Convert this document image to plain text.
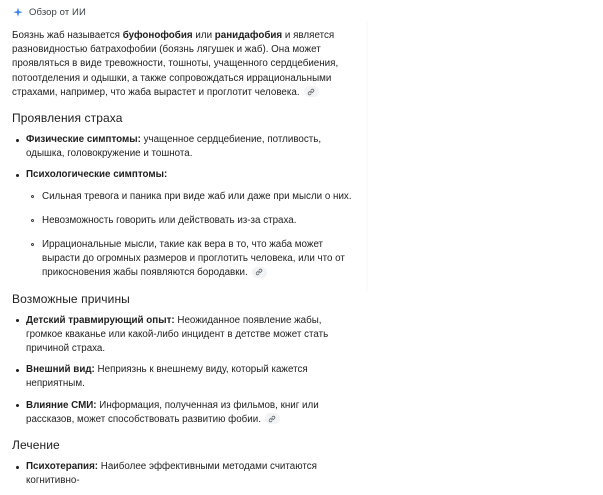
Обзор от ИИ

Боязнь жаб называется буфонофобия или ранидафобия и является разновидностью батрахофобии (боязнь лягушек и жаб). Она может проявляться в виде тревожности, тошноты, учащенного сердцебиения, потоотделения и одышки, а также сопровождаться иррациональными страхами, например, что жаба вырастет и проглотит человека.

Проявления страха
Физические симптомы: учащенное сердцебиение, потливость, одышка, головокружение и тошнота.
Психологические симптомы:
Сильная тревога и паника при виде жаб или даже при мысли о них.
Невозможность говорить или действовать из-за страха.
Иррациональные мысли, такие как вера в то, что жаба может вырасти до огромных размеров и проглотить человека, или что от прикосновения жабы появляются бородавки.
Возможные причины
Детский травмирующий опыт: Неожиданное появление жабы, громкое кваканье или какой-либо инцидент в детстве может стать причиной страха.
Внешний вид: Неприязнь к внешнему виду, который кажется неприятным.
Влияние СМИ: Информация, полученная из фильмов, книг или рассказов, может способствовать развитию фобии.
Лечение
Психотерапия: Наиболее эффективными методами считаются когнитивно-
